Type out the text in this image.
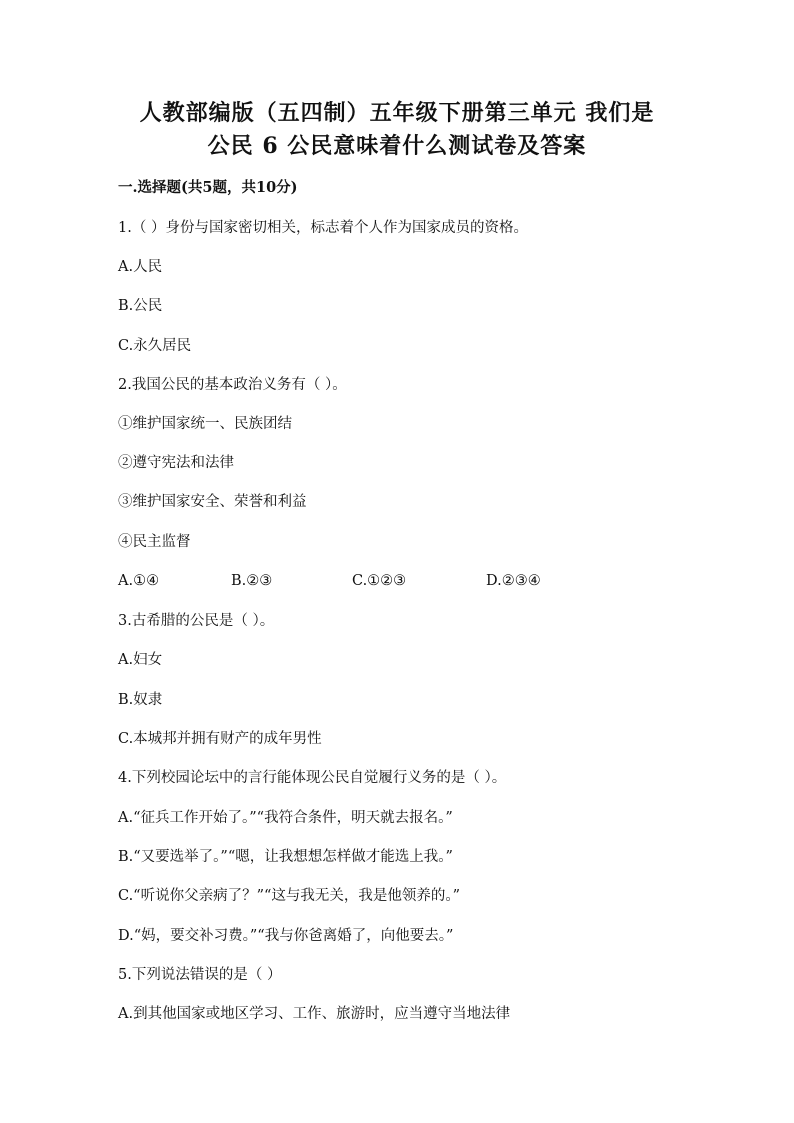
人教部编版（五四制）五年级下册第三单元 我们是
公民 6 公民意味着什么测试卷及答案
一.选择题(共5题，共10分)
1.（ ）身份与国家密切相关，标志着个人作为国家成员的资格。
A.人民
B.公民
C.永久居民
2.我国公民的基本政治义务有（ ）。
①维护国家统一、民族团结
②遵守宪法和法律
③维护国家安全、荣誉和利益
④民主监督
A.①④	B.②③	C.①②③	D.②③④
3.古希腊的公民是（ ）。
A.妇女
B.奴隶
C.本城邦并拥有财产的成年男性
4.下列校园论坛中的言行能体现公民自觉履行义务的是（ ）。
A.“征兵工作开始了。”“我符合条件，明天就去报名。”
B.“又要选举了。”“嗯，让我想想怎样做才能选上我。”
C.“听说你父亲病了？”“这与我无关，我是他领养的。”
D.“妈，要交补习费。”“我与你爸离婚了，向他要去。”
5.下列说法错误的是（ ）
A.到其他国家或地区学习、工作、旅游时，应当遵守当地法律
